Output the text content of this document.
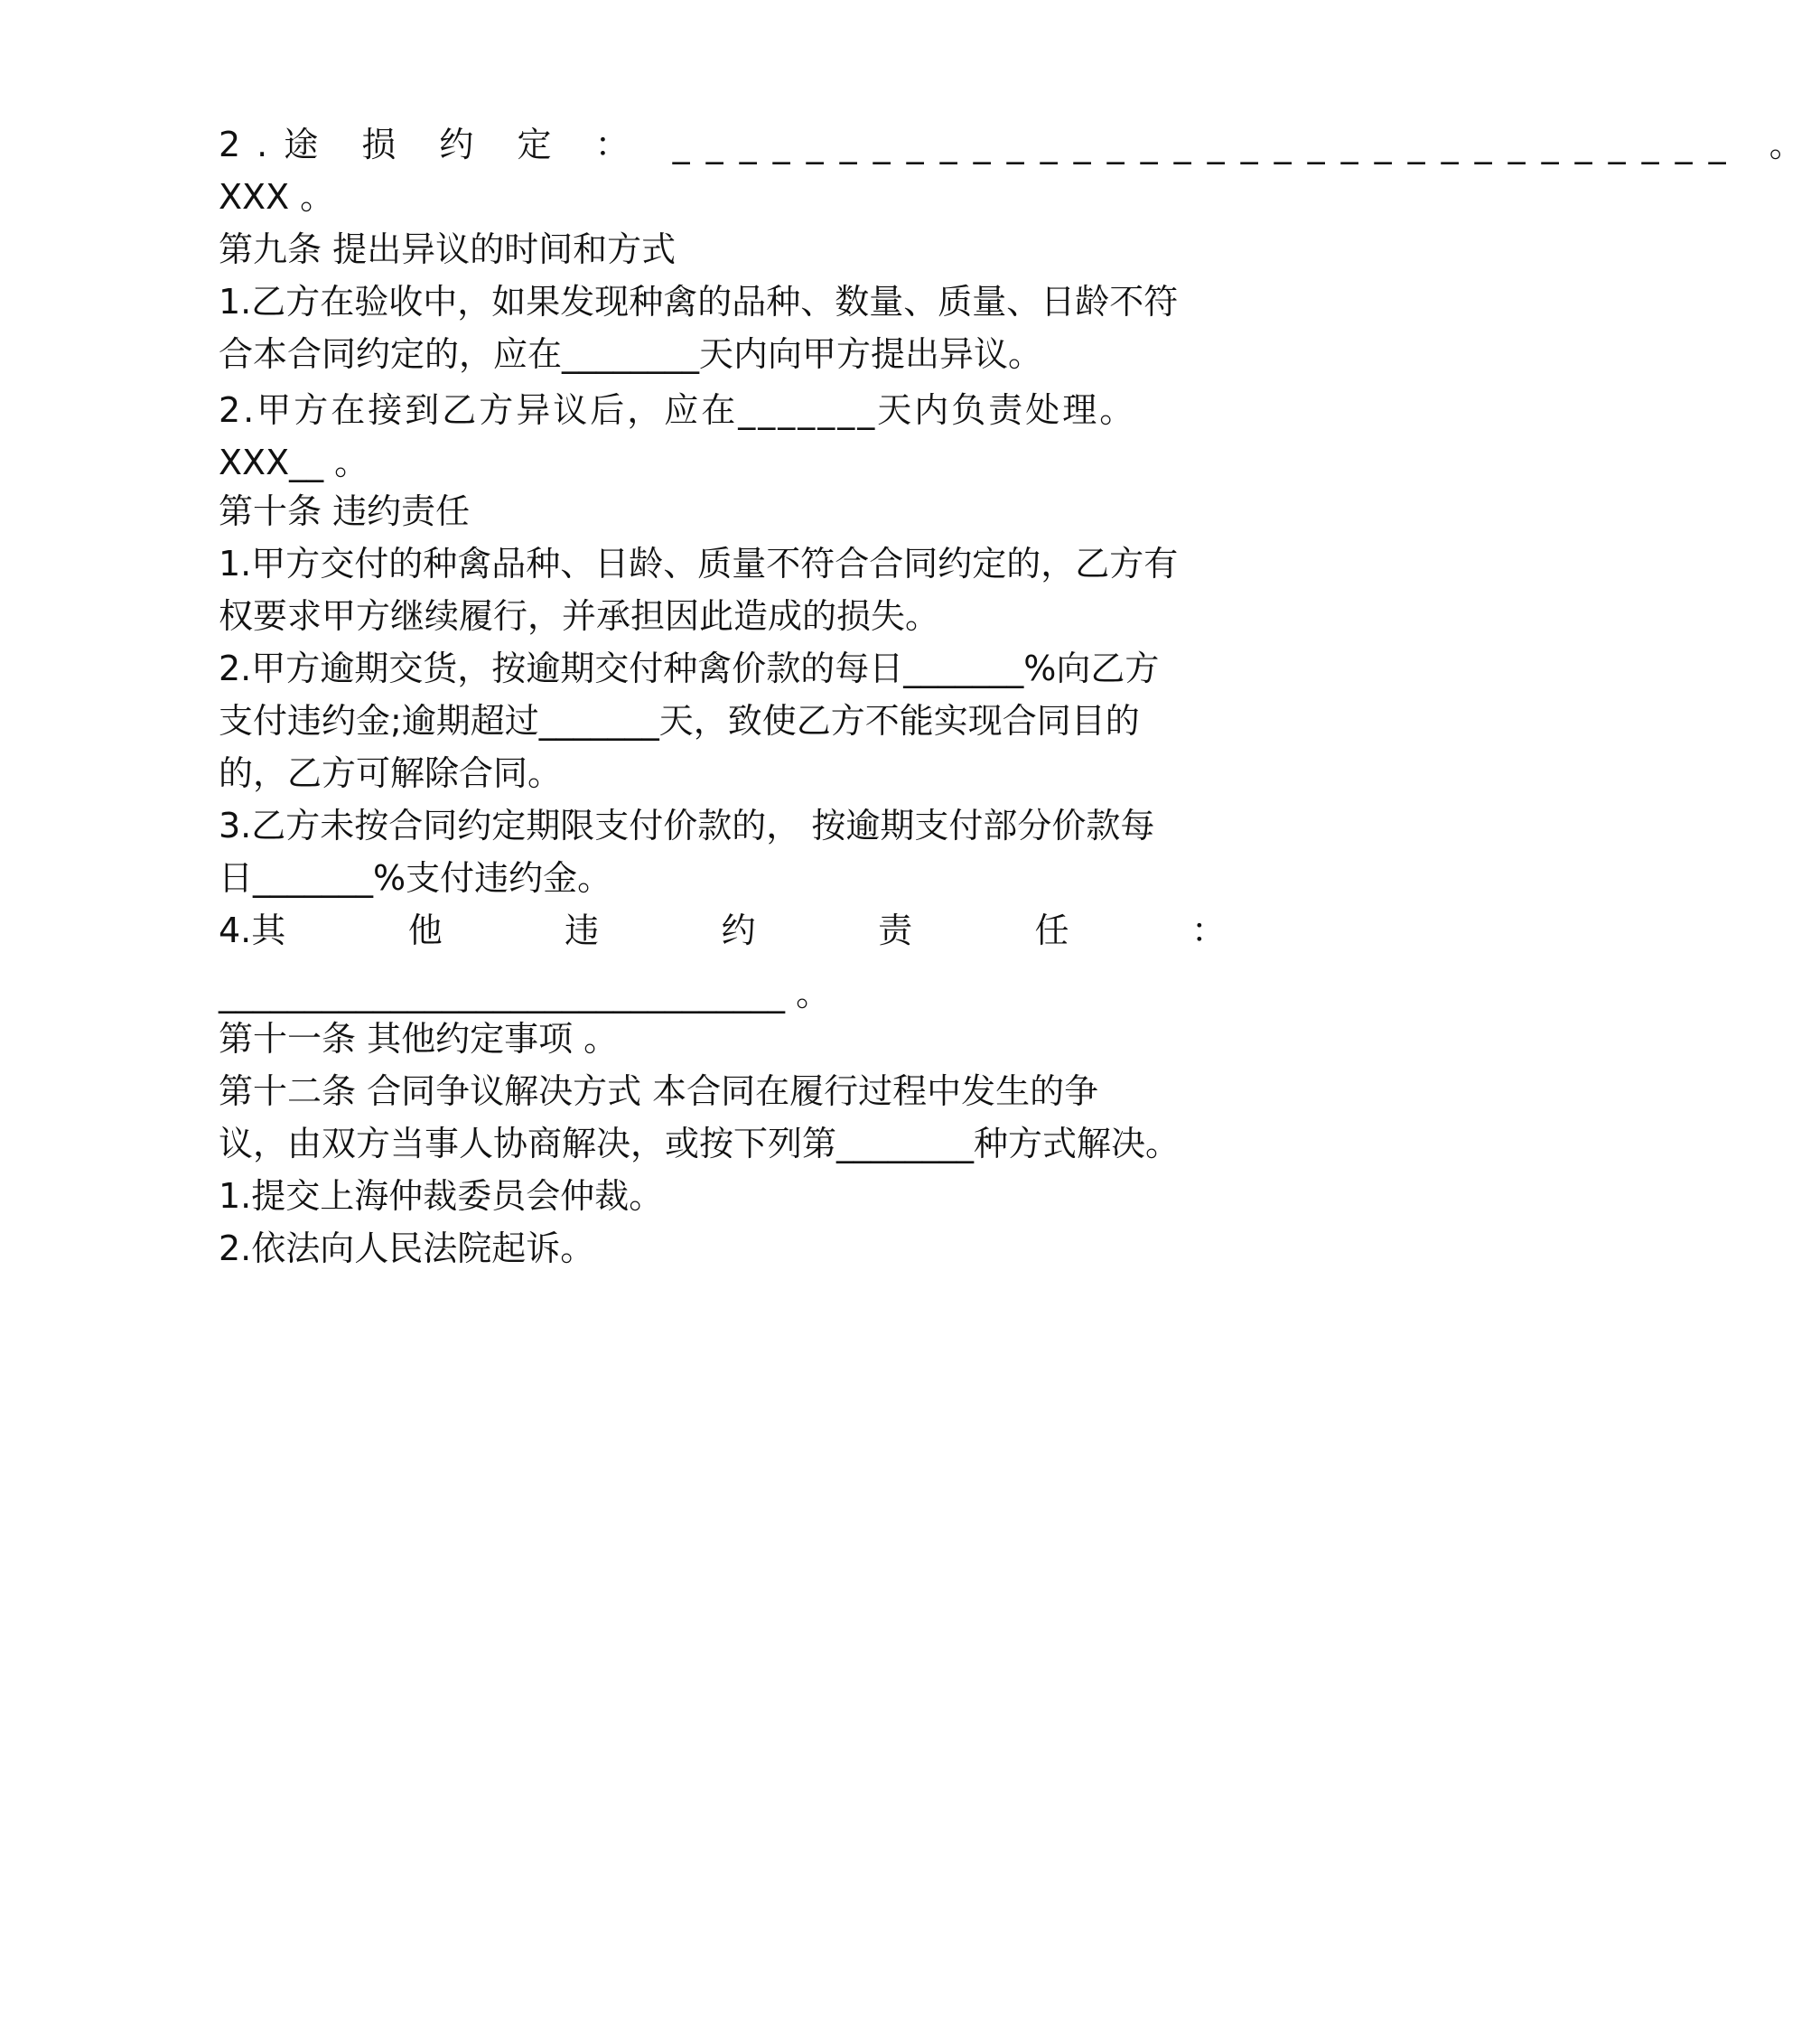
2.途 损 约 定 ： ________________________________ 。
XXX 。
第九条 提出异议的时间和方式
1.乙方在验收中，如果发现种禽的品种、数量、质量、日龄不符
合本合同约定的，应在________天内向甲方提出异议。
2.甲方在接到乙方异议后，应在_______天内负责处理。
XXX__ 。
第十条 违约责任
1.甲方交付的种禽品种、日龄、质量不符合合同约定的，乙方有
权要求甲方继续履行，并承担因此造成的损失。
2.甲方逾期交货，按逾期交付种禽价款的每日_______%向乙方
支付违约金;逾期超过_______天，致使乙方不能实现合同目的
的，乙方可解除合同。
3.乙方未按合同约定期限支付价款的， 按逾期支付部分价款每
日_______%支付违约金。
4.其	他	违	约	责	任	：
_________________________________ 。
第十一条 其他约定事项 。
第十二条 合同争议解决方式 本合同在履行过程中发生的争
议，由双方当事人协商解决，或按下列第________种方式解决。
1.提交上海仲裁委员会仲裁。
2.依法向人民法院起诉。
